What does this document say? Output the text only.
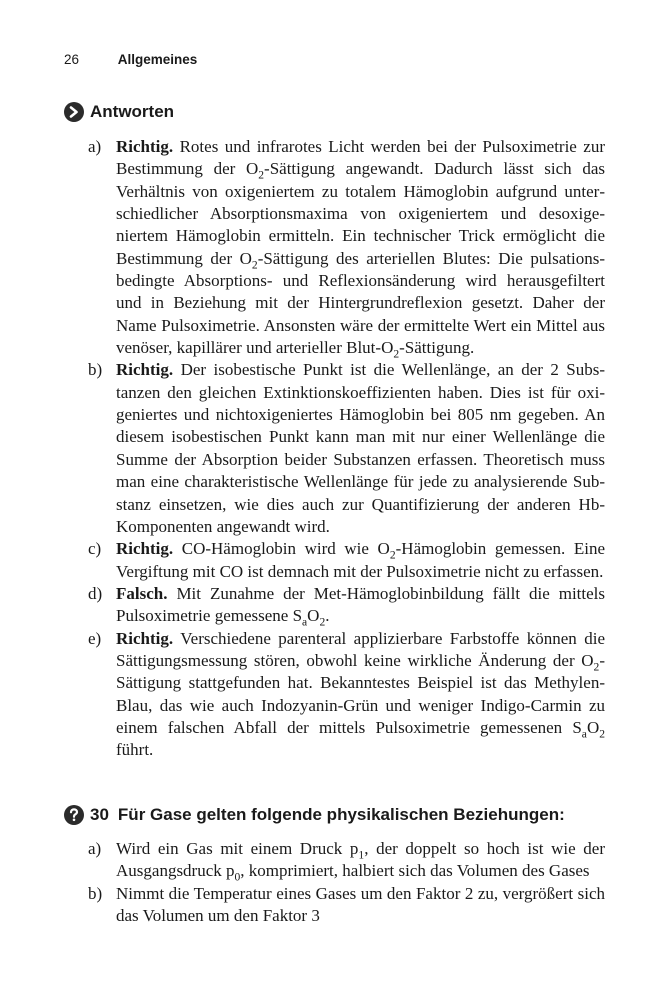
26	Allgemeines
Antworten
a) Richtig. Rotes und infrarotes Licht werden bei der Pulsoximetrie zur Bestimmung der $O_2$-Sättigung angewandt. Dadurch lässt sich das Verhältnis von oxigeniertem zu totalem Hämoglobin aufgrund unterschiedlicher Absorptionsmaxima von oxigeniertem und desoxigeniertem Hämoglobin ermitteln. Ein technischer Trick ermöglicht die Bestimmung der $O_2$-Sättigung des arteriellen Blutes: Die pulsationsbedingte Absorptions- und Reflexionsänderung wird herausgefiltert und in Beziehung mit der Hintergrundreflexion gesetzt. Daher der Name Pulsoximetrie. Ansonsten wäre der ermittelte Wert ein Mittel aus venöser, kapillärer und arterieller Blut-$O_2$-Sättigung.
b) Richtig. Der isobestische Punkt ist die Wellenlänge, an der 2 Substanzen den gleichen Extinktionskoeffizienten haben. Dies ist für oxigeniertes und nichtoxigeniertes Hämoglobin bei 805 nm gegeben. An diesem isobestischen Punkt kann man mit nur einer Wellenlänge die Summe der Absorption beider Substanzen erfassen. Theoretisch muss man eine charakteristische Wellenlänge für jede zu analysierende Substanz einsetzen, wie dies auch zur Quantifizierung der anderen Hb-Komponenten angewandt wird.
c) Richtig. CO-Hämoglobin wird wie $O_2$-Hämoglobin gemessen. Eine Vergiftung mit CO ist demnach mit der Pulsoximetrie nicht zu erfassen.
d) Falsch. Mit Zunahme der Met-Hämoglobinbildung fällt die mittels Pulsoximetrie gemessene $S_aO_2$.
e) Richtig. Verschiedene parenteral applizierbare Farbstoffe können die Sättigungsmessung stören, obwohl keine wirkliche Änderung der $O_2$-Sättigung stattgefunden hat. Bekanntestes Beispiel ist das Methylen-Blau, das wie auch Indozyanin-Grün und weniger Indigo-Carmin zu einem falschen Abfall der mittels Pulsoximetrie gemessenen $S_aO_2$ führt.
30 Für Gase gelten folgende physikalischen Beziehungen:
a) Wird ein Gas mit einem Druck $p_1$, der doppelt so hoch ist wie der Ausgangsdruck $p_0$, komprimiert, halbiert sich das Volumen des Gases
b) Nimmt die Temperatur eines Gases um den Faktor 2 zu, vergrößert sich das Volumen um den Faktor 3
